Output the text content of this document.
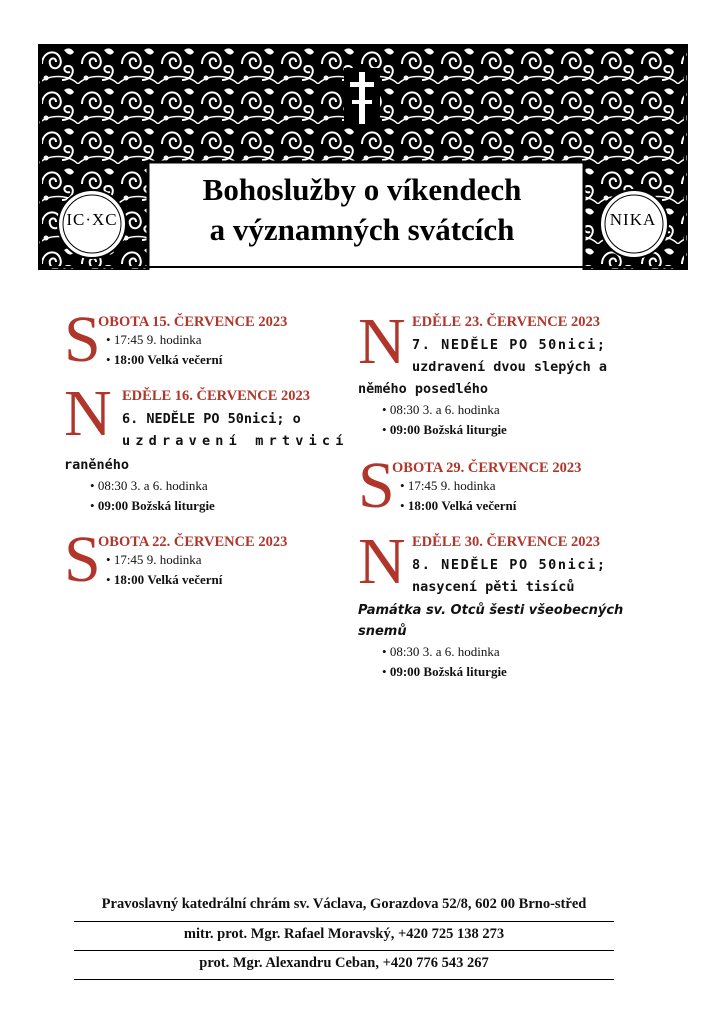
IC·XC	NIKA
Bohoslužby o víkendech
a významných svátcích
S
OBOTA 15. ČERVENCE 2023
• 17:45 9. hodinka
• 18:00 Velká večerní
N EDĚLE 16. ČERVENCE 2023
6. NEDĚLE PO 50nici; o
uzdravení mrtvicí
raněného
• 08:30 3. a 6. hodinka
• 09:00 Božská liturgie
S
OBOTA 22. ČERVENCE 2023
• 17:45 9. hodinka
• 18:00 Velká večerní
N EDĚLE 23. ČERVENCE 2023
7. NEDĚLE PO 50nici;
uzdravení dvou slepých a
němého posedlého
• 08:30 3. a 6. hodinka
• 09:00 Božská liturgie
S
OBOTA 29. ČERVENCE 2023
• 17:45 9. hodinka
• 18:00 Velká večerní
N EDĚLE 30. ČERVENCE 2023
8. NEDĚLE PO 50nici;
nasycení pěti tisíců
Památka sv. Otců šesti všeobecných
snemů
• 08:30 3. a 6. hodinka
• 09:00 Božská liturgie
Pravoslavný katedrální chrám sv. Václava, Gorazdova 52/8, 602 00 Brno-střed
mitr. prot. Mgr. Rafael Moravský, +420 725 138 273
prot. Mgr. Alexandru Ceban, +420 776 543 267
